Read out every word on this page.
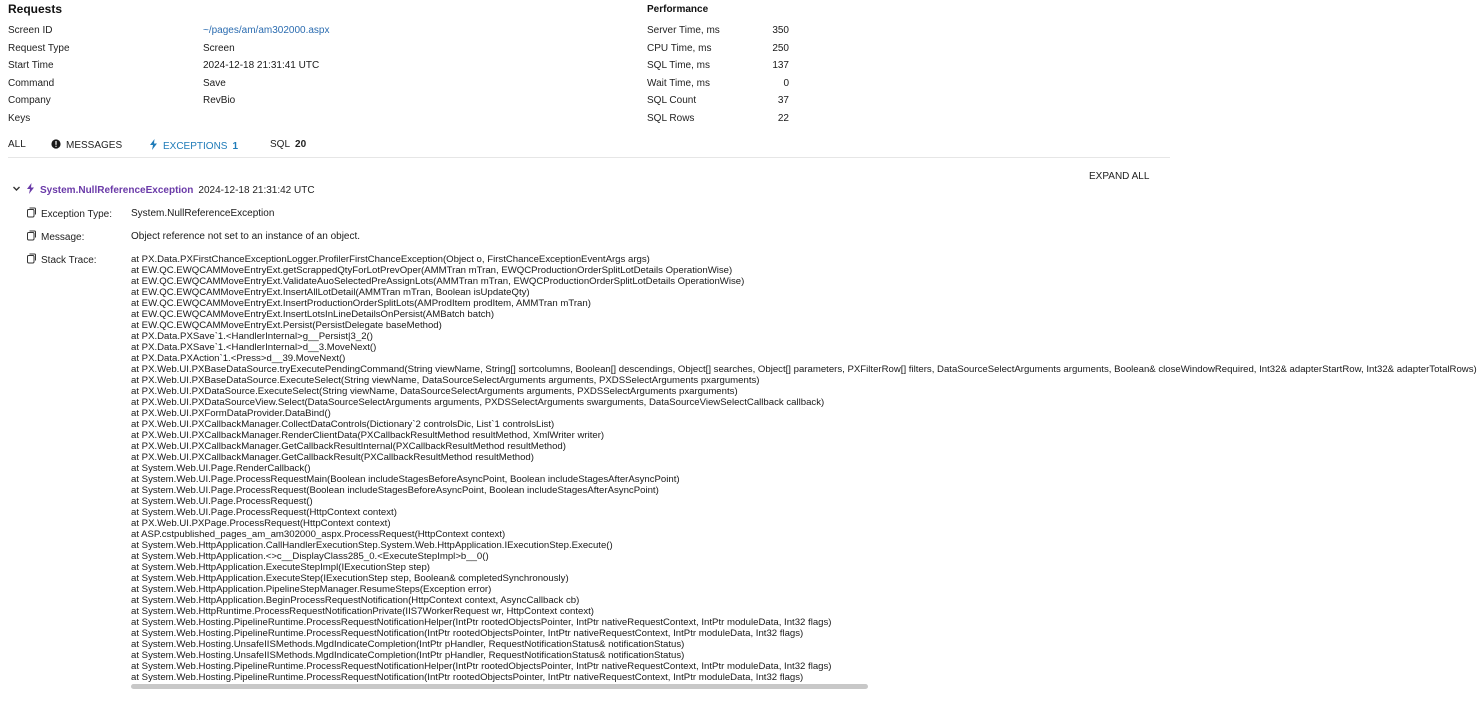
Requests
Screen ID	~/pages/am/am302000.aspx
Request Type	Screen
Start Time	2024-12-18 21:31:41 UTC
Command	Save
Company	RevBio
Keys
Performance
Server Time, ms	350
CPU Time, ms	250
SQL Time, ms	137
Wait Time, ms	0
SQL Count	37
SQL Rows	22
ALL	MESSAGES	EXCEPTIONS 1	SQL 20
EXPAND ALL
System.NullReferenceException 2024-12-18 21:31:42 UTC
Exception Type: System.NullReferenceException
Message:	Object reference not set to an instance of an object.
Stack Trace:	at PX.Data.PXFirstChanceExceptionLogger.ProfilerFirstChanceException(Object o, FirstChanceExceptionEventArgs args)
at EW.QC.EWQCAMMoveEntryExt.getScrappedQtyForLotPrevOper(AMMTran mTran, EWQCProductionOrderSplitLotDetails OperationWise)
at EW.QC.EWQCAMMoveEntryExt.ValidateAuoSelectedPreAssignLots(AMMTran mTran, EWQCProductionOrderSplitLotDetails OperationWise)
at EW.QC.EWQCAMMoveEntryExt.InsertAllLotDetail(AMMTran mTran, Boolean isUpdateQty)
at EW.QC.EWQCAMMoveEntryExt.InsertProductionOrderSplitLots(AMProdItem prodItem, AMMTran mTran)
at EW.QC.EWQCAMMoveEntryExt.InsertLotsInLineDetailsOnPersist(AMBatch batch)
at EW.QC.EWQCAMMoveEntryExt.Persist(PersistDelegate baseMethod)
at PX.Data.PXSave`1.<HandlerInternal>g__Persist|3_2()
at PX.Data.PXSave`1.<HandlerInternal>d__3.MoveNext()
at PX.Data.PXAction`1.<Press>d__39.MoveNext()
at PX.Web.UI.PXBaseDataSource.tryExecutePendingCommand(String viewName, String[] sortcolumns, Boolean[] descendings, Object[] searches, Object[] parameters, PXFilterRow[] filters, DataSourceSelectArguments arguments, Boolean& closeWindowRequired, Int32& adapterStartRow, Int32& adapterTotalRows)
at PX.Web.UI.PXBaseDataSource.ExecuteSelect(String viewName, DataSourceSelectArguments arguments, PXDSSelectArguments pxarguments)
at PX.Web.UI.PXDataSource.ExecuteSelect(String viewName, DataSourceSelectArguments arguments, PXDSSelectArguments pxarguments)
at PX.Web.UI.PXDataSourceView.Select(DataSourceSelectArguments arguments, PXDSSelectArguments swarguments, DataSourceViewSelectCallback callback)
at PX.Web.UI.PXFormDataProvider.DataBind()
at PX.Web.UI.PXCallbackManager.CollectDataControls(Dictionary`2 controlsDic, List`1 controlsList)
at PX.Web.UI.PXCallbackManager.RenderClientData(PXCallbackResultMethod resultMethod, XmlWriter writer)
at PX.Web.UI.PXCallbackManager.GetCallbackResultInternal(PXCallbackResultMethod resultMethod)
at PX.Web.UI.PXCallbackManager.GetCallbackResult(PXCallbackResultMethod resultMethod)
at System.Web.UI.Page.RenderCallback()
at System.Web.UI.Page.ProcessRequestMain(Boolean includeStagesBeforeAsyncPoint, Boolean includeStagesAfterAsyncPoint)
at System.Web.UI.Page.ProcessRequest(Boolean includeStagesBeforeAsyncPoint, Boolean includeStagesAfterAsyncPoint)
at System.Web.UI.Page.ProcessRequest()
at System.Web.UI.Page.ProcessRequest(HttpContext context)
at PX.Web.UI.PXPage.ProcessRequest(HttpContext context)
at ASP.cstpublished_pages_am_am302000_aspx.ProcessRequest(HttpContext context)
at System.Web.HttpApplication.CallHandlerExecutionStep.System.Web.HttpApplication.IExecutionStep.Execute()
at System.Web.HttpApplication.<>c__DisplayClass285_0.<ExecuteStepImpl>b__0()
at System.Web.HttpApplication.ExecuteStepImpl(IExecutionStep step)
at System.Web.HttpApplication.ExecuteStep(IExecutionStep step, Boolean& completedSynchronously)
at System.Web.HttpApplication.PipelineStepManager.ResumeSteps(Exception error)
at System.Web.HttpApplication.BeginProcessRequestNotification(HttpContext context, AsyncCallback cb)
at System.Web.HttpRuntime.ProcessRequestNotificationPrivate(IIS7WorkerRequest wr, HttpContext context)
at System.Web.Hosting.PipelineRuntime.ProcessRequestNotificationHelper(IntPtr rootedObjectsPointer, IntPtr nativeRequestContext, IntPtr moduleData, Int32 flags)
at System.Web.Hosting.PipelineRuntime.ProcessRequestNotification(IntPtr rootedObjectsPointer, IntPtr nativeRequestContext, IntPtr moduleData, Int32 flags)
at System.Web.Hosting.UnsafeIISMethods.MgdIndicateCompletion(IntPtr pHandler, RequestNotificationStatus& notificationStatus)
at System.Web.Hosting.UnsafeIISMethods.MgdIndicateCompletion(IntPtr pHandler, RequestNotificationStatus& notificationStatus)
at System.Web.Hosting.PipelineRuntime.ProcessRequestNotificationHelper(IntPtr rootedObjectsPointer, IntPtr nativeRequestContext, IntPtr moduleData, Int32 flags)
at System.Web.Hosting.PipelineRuntime.ProcessRequestNotification(IntPtr rootedObjectsPointer, IntPtr nativeRequestContext, IntPtr moduleData, Int32 flags)
